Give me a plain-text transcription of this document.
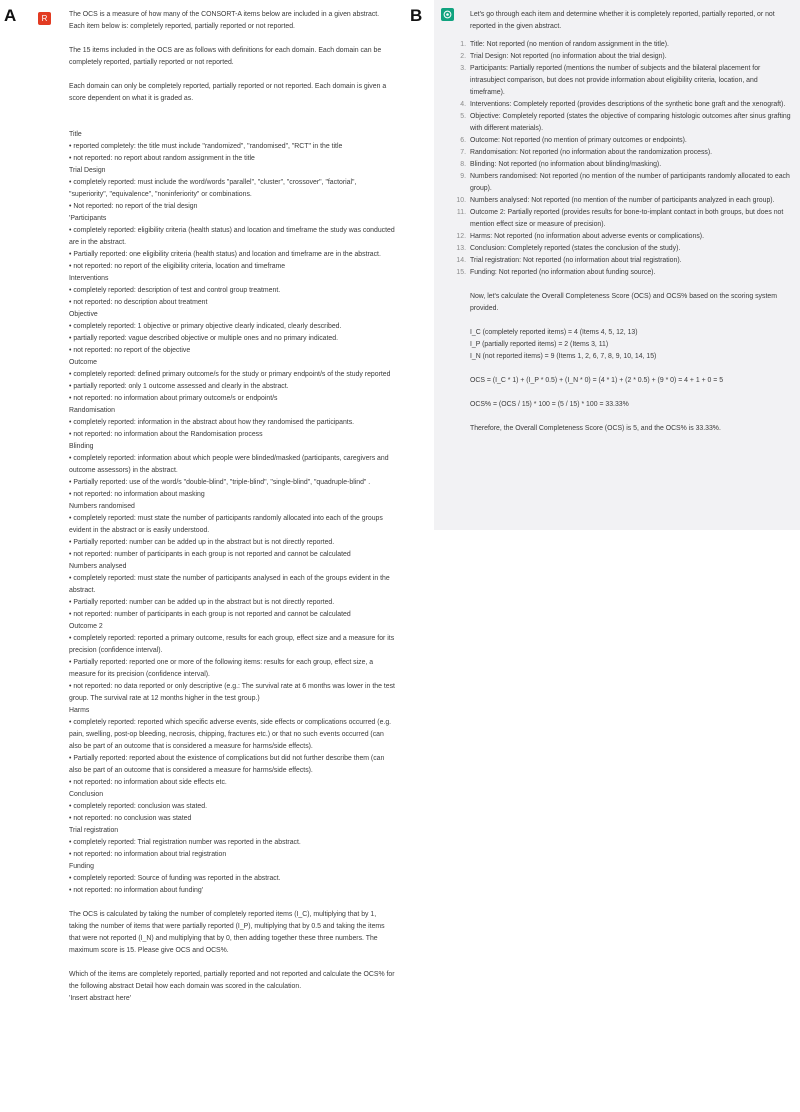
A	B
R	The OCS is a measure of how many of the CONSORT-A items below are included in a given abstract. Each item below is: completely reported, partially reported or not reported.

The 15 items included in the OCS are as follows with definitions for each domain. Each domain can be completely reported, partially reported or not reported.

Each domain can only be completely reported, partially reported or not reported. Each domain is given a score dependent on what it is graded as.

Title

• reported completely: the title must include "randomized", "randomised", "RCT" in the title

• not reported: no report about random assignment in the title

Trial Design

• completely reported: must include the word/words "parallel", "cluster", "crossover", "factorial", "superiority", "equivalence", "noninferiority" or combinations.

• Not reported: no report of the trial design

'Participants

• completely reported: eligibility criteria (health status) and location and timeframe the study was conducted are in the abstract.

• Partially reported: one eligibility criteria (health status) and location and timeframe are in the abstract.

• not reported: no report of the eligibility criteria, location and timeframe

Interventions

• completely reported: description of test and control group treatment.

• not reported: no description about treatment

Objective

• completely reported: 1 objective or primary objective clearly indicated, clearly described.

• partially reported: vague described objective or multiple ones and no primary indicated.

• not reported: no report of the objective

Outcome

• completely reported: defined primary outcome/s for the study or primary endpoint/s of the study reported

• partially reported: only 1 outcome assessed and clearly in the abstract.

• not reported: no information about primary outcome/s or endpoint/s

Randomisation

• completely reported: information in the abstract about how they randomised the participants.

• not reported: no information about the Randomisation process

Blinding

• completely reported: information about which people were blinded/masked (participants, caregivers and outcome assessors) in the abstract.

• Partially reported: use of the word/s "double-blind", "triple-blind", "single-blind", "quadruple-blind" .

• not reported: no information about masking

Numbers randomised

• completely reported: must state the number of participants randomly allocated into each of the groups evident in the abstract or is easily understood.

• Partially reported: number can be added up in the abstract but is not directly reported.

• not reported: number of participants in each group is not reported and cannot be calculated

Numbers analysed

• completely reported: must state the number of participants analysed in each of the groups evident in the abstract.

• Partially reported: number can be added up in the abstract but is not directly reported.

• not reported: number of participants in each group is not reported and cannot be calculated

Outcome 2

• completely reported: reported a primary outcome, results for each group, effect size and a measure for its precision (confidence interval).

• Partially reported: reported one or more of the following items: results for each group, effect size, a measure for its precision (confidence interval).

• not reported: no data reported or only descriptive (e.g.: The survival rate at 6 months was lower in the test group. The survival rate at 12 months higher in the test group.)

Harms

• completely reported: reported which specific adverse events, side effects or complications occurred (e.g. pain, swelling, post-op bleeding, necrosis, chipping, fractures etc.) or that no such events occurred (can also be part of an outcome that is considered a measure for harms/side effects).

• Partially reported: reported about the existence of complications but did not further describe them (can also be part of an outcome that is considered a measure for harms/side effects).

• not reported: no information about side effects etc.

Conclusion

• completely reported: conclusion was stated.

• not reported: no conclusion was stated

Trial registration

• completely reported: Trial registration number was reported in the abstract.

• not reported: no information about trial registration

Funding

• completely reported: Source of funding was reported in the abstract.

• not reported: no information about funding'

The OCS is calculated by taking the number of completely reported items (I_C), multiplying that by 1, taking the number of items that were partially reported (I_P), multiplying that by 0.5 and taking the items that were not reported (I_N) and multiplying that by 0, then adding together these three numbers. The maximum score is 15. Please give OCS and OCS%.

Which of the items are completely reported, partially reported and not reported and calculate the OCS% for the following abstract Detail how each domain was scored in the calculation.

'Insert abstract here'

Let's go through each item and determine whether it is completely reported, partially reported, or not reported in the given abstract.

1. Title: Not reported (no mention of random assignment in the title).
2. Trial Design: Not reported (no information about the trial design).
3. Participants: Partially reported (mentions the number of subjects and the bilateral placement for intrasubject comparison, but does not provide information about eligibility criteria, location, and timeframe).
4. Interventions: Completely reported (provides descriptions of the synthetic bone graft and the xenograft).
5. Objective: Completely reported (states the objective of comparing histologic outcomes after sinus grafting with different materials).
6. Outcome: Not reported (no mention of primary outcomes or endpoints).
7. Randomisation: Not reported (no information about the randomization process).
8. Blinding: Not reported (no information about blinding/masking).
9. Numbers randomised: Not reported (no mention of the number of participants randomly allocated to each group).
10. Numbers analysed: Not reported (no mention of the number of participants analyzed in each group).
11. Outcome 2: Partially reported (provides results for bone-to-implant contact in both groups, but does not mention effect size or measure of precision).
12. Harms: Not reported (no information about adverse events or complications).
13. Conclusion: Completely reported (states the conclusion of the study).
14. Trial registration: Not reported (no information about trial registration).
15. Funding: Not reported (no information about funding source).

Now, let's calculate the Overall Completeness Score (OCS) and OCS% based on the scoring system provided.

I_C (completely reported items) = 4 (Items 4, 5, 12, 13)

I_P (partially reported items) = 2 (Items 3, 11)

I_N (not reported items) = 9 (Items 1, 2, 6, 7, 8, 9, 10, 14, 15)

OCS = (I_C * 1) + (I_P * 0.5) + (I_N * 0) = (4 * 1) + (2 * 0.5) + (9 * 0) = 4 + 1 + 0 = 5

OCS% = (OCS / 15) * 100 = (5 / 15) * 100 = 33.33%

Therefore, the Overall Completeness Score (OCS) is 5, and the OCS% is 33.33%.
